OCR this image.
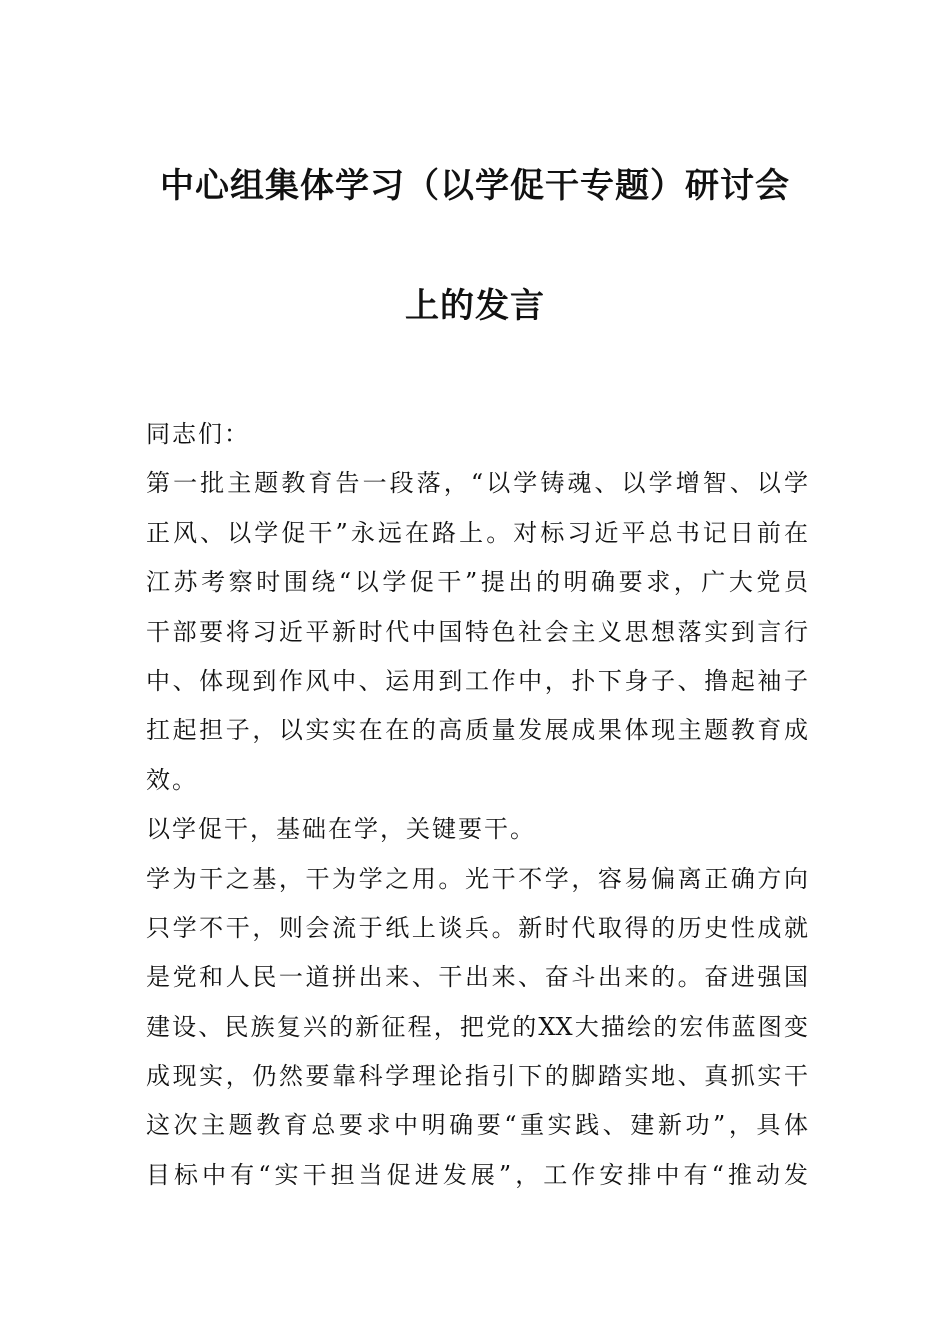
中心组集体学习（以学促干专题）研讨会
上的发言
同志们：
第一批主题教育告一段落，“以学铸魂、以学增智、以学
正风、以学促干”永远在路上。对标习近平总书记日前在
江苏考察时围绕“以学促干”提出的明确要求，广大党员
干部要将习近平新时代中国特色社会主义思想落实到言行
中、体现到作风中、运用到工作中，扑下身子、撸起袖子
扛起担子，以实实在在的高质量发展成果体现主题教育成
效。
以学促干，基础在学，关键要干。
学为干之基，干为学之用。光干不学，容易偏离正确方向
只学不干，则会流于纸上谈兵。新时代取得的历史性成就
是党和人民一道拼出来、干出来、奋斗出来的。奋进强国
建设、民族复兴的新征程，把党的XX大描绘的宏伟蓝图变
成现实，仍然要靠科学理论指引下的脚踏实地、真抓实干
这次主题教育总要求中明确要“重实践、建新功”，具体
目标中有“实干担当促进发展”，工作安排中有“推动发
